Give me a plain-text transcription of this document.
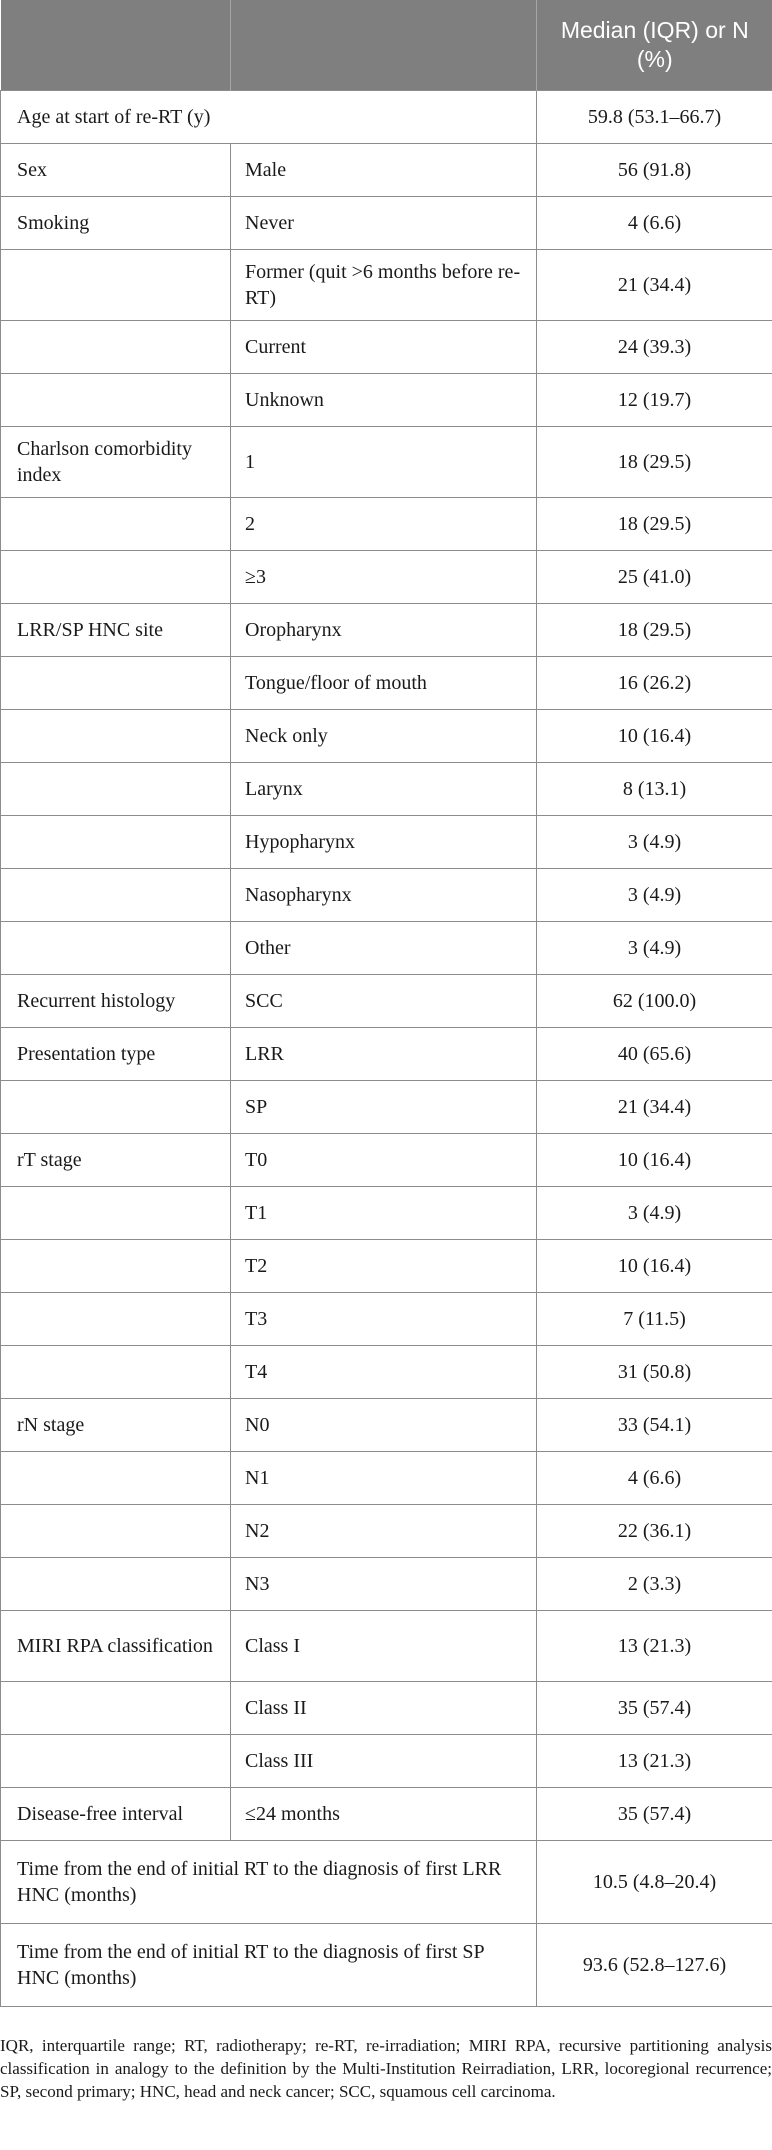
		Median (IQR) or N (%)
Age at start of re-RT (y)		59.8 (53.1–66.7)
Sex	Male	56 (91.8)
Smoking	Never	4 (6.6)
	Former (quit >6 months before re-RT)	21 (34.4)
	Current	24 (39.3)
	Unknown	12 (19.7)
Charlson comorbidity index	1	18 (29.5)
	2	18 (29.5)
	≥3	25 (41.0)
LRR/SP HNC site	Oropharynx	18 (29.5)
	Tongue/floor of mouth	16 (26.2)
	Neck only	10 (16.4)
	Larynx	8 (13.1)
	Hypopharynx	3 (4.9)
	Nasopharynx	3 (4.9)
	Other	3 (4.9)
Recurrent histology	SCC	62 (100.0)
Presentation type	LRR	40 (65.6)
	SP	21 (34.4)
rT stage	T0	10 (16.4)
	T1	3 (4.9)
	T2	10 (16.4)
	T3	7 (11.5)
	T4	31 (50.8)
rN stage	N0	33 (54.1)
	N1	4 (6.6)
	N2	22 (36.1)
	N3	2 (3.3)
MIRI RPA classification	Class I	13 (21.3)
	Class II	35 (57.4)
	Class III	13 (21.3)
Disease-free interval	≤24 months	35 (57.4)
Time from the end of initial RT to the diagnosis of first LRR HNC (months)		10.5 (4.8–20.4)
Time from the end of initial RT to the diagnosis of first SP HNC (months)		93.6 (52.8–127.6)

IQR, interquartile range; RT, radiotherapy; re-RT, re-irradiation; MIRI RPA, recursive partitioning analysis classification in analogy to the definition by the Multi-Institution Reirradiation, LRR, locoregional recurrence; SP, second primary; HNC, head and neck cancer; SCC, squamous cell carcinoma.
